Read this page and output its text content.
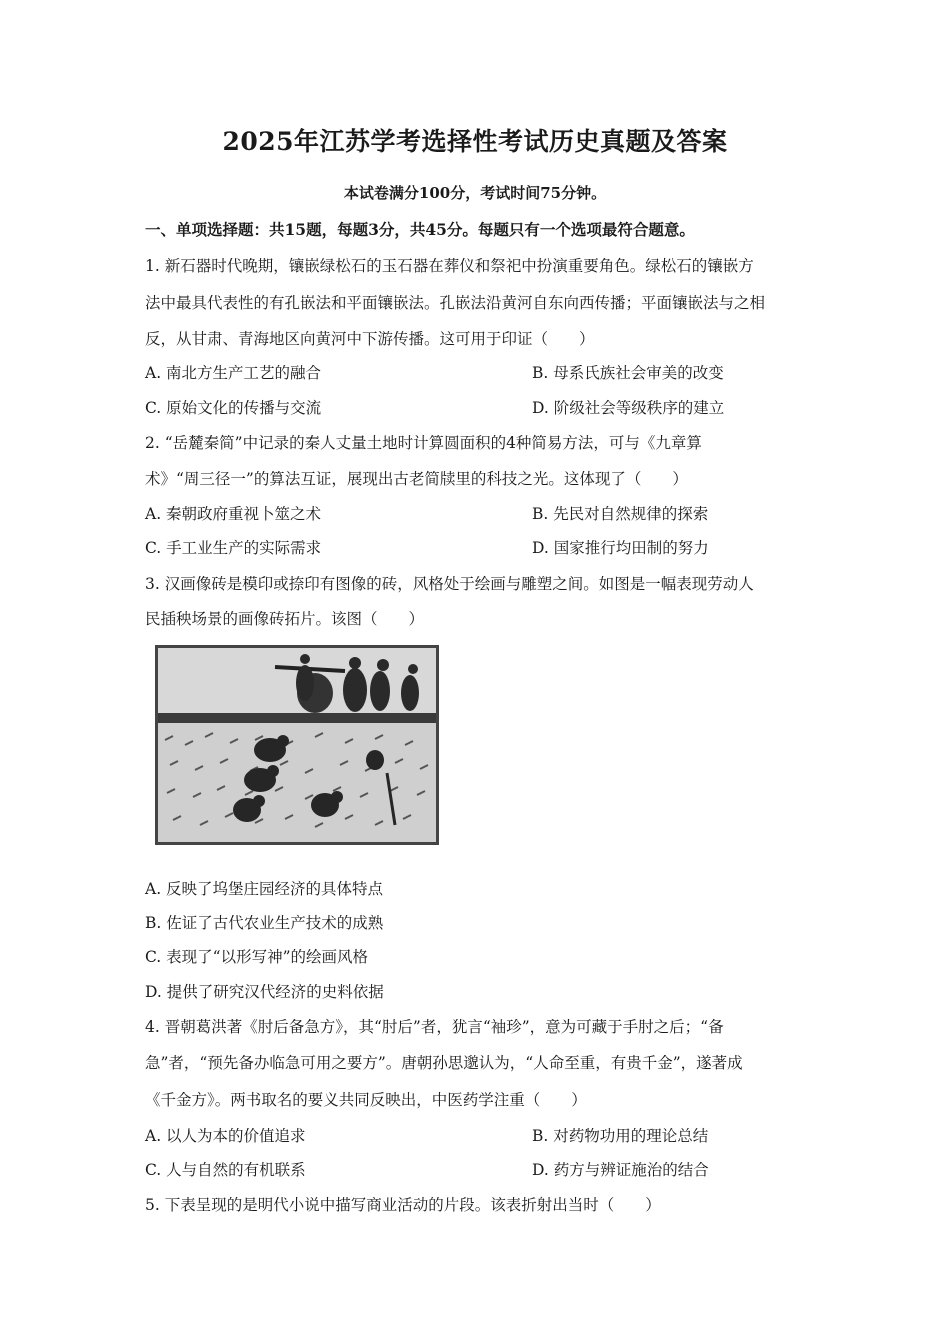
2025年江苏学考选择性考试历史真题及答案
本试卷满分100分，考试时间75分钟。
一、单项选择题：共15题，每题3分，共45分。每题只有一个选项最符合题意。
1. 新石器时代晚期，镶嵌绿松石的玉石器在葬仪和祭祀中扮演重要角色。绿松石的镶嵌方
法中最具代表性的有孔嵌法和平面镶嵌法。孔嵌法沿黄河自东向西传播；平面镶嵌法与之相
反，从甘肃、青海地区向黄河中下游传播。这可用于印证（　　）
A. 南北方生产工艺的融合	B. 母系氏族社会审美的改变
C. 原始文化的传播与交流	D. 阶级社会等级秩序的建立
2. “岳麓秦简”中记录的秦人丈量土地时计算圆面积的4种简易方法，可与《九章算
术》“周三径一”的算法互证，展现出古老简牍里的科技之光。这体现了（　　）
A. 秦朝政府重视卜筮之术	B. 先民对自然规律的探索
C. 手工业生产的实际需求	D. 国家推行均田制的努力
3. 汉画像砖是模印或捺印有图像的砖，风格处于绘画与雕塑之间。如图是一幅表现劳动人
民插秧场景的画像砖拓片。该图（　　）
A. 反映了坞堡庄园经济的具体特点
B. 佐证了古代农业生产技术的成熟
C. 表现了“以形写神”的绘画风格
D. 提供了研究汉代经济的史料依据
4. 晋朝葛洪著《肘后备急方》，其“肘后”者，犹言“袖珍”，意为可藏于手肘之后；“备
急”者，“预先备办临急可用之要方”。唐朝孙思邈认为，“人命至重，有贵千金”，遂著成
《千金方》。两书取名的要义共同反映出，中医药学注重（　　）
A. 以人为本的价值追求	B. 对药物功用的理论总结
C. 人与自然的有机联系	D. 药方与辨证施治的结合
5. 下表呈现的是明代小说中描写商业活动的片段。该表折射出当时（　　）
